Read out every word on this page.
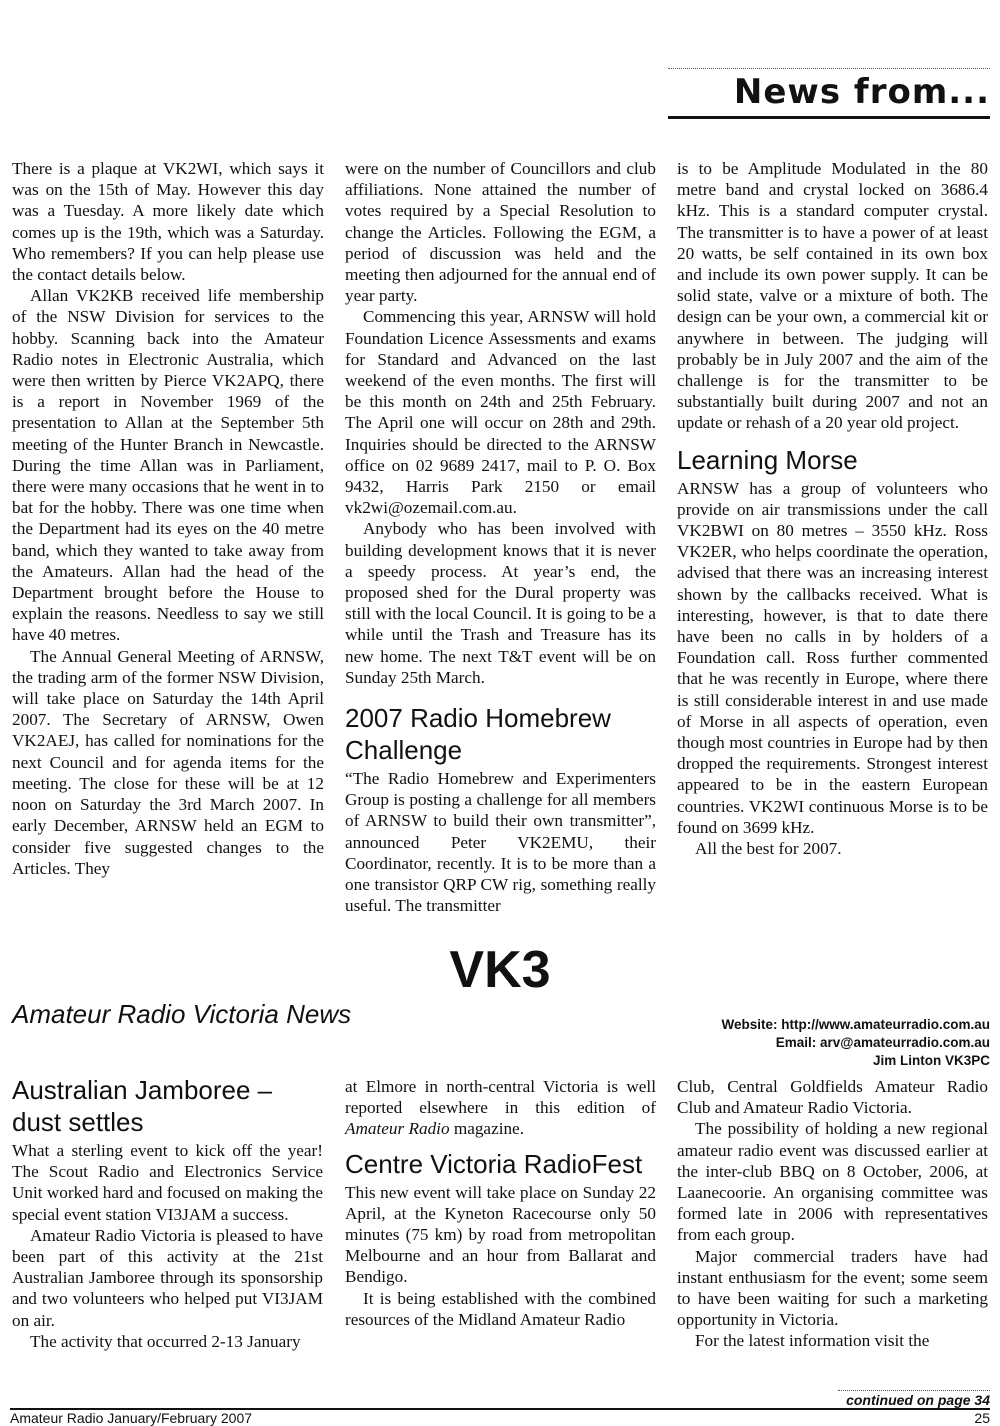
News from...

There is a plaque at VK2WI, which says it was on the 15th of May. However this day was a Tuesday. A more likely date which comes up is the 19th, which was a Saturday. Who remembers? If you can help please use the contact details below.

Allan VK2KB received life membership of the NSW Division for services to the hobby. Scanning back into the Amateur Radio notes in Electronic Australia, which were then written by Pierce VK2APQ, there is a report in November 1969 of the presentation to Allan at the September 5th meeting of the Hunter Branch in Newcastle. During the time Allan was in Parliament, there were many occasions that he went in to bat for the hobby. There was one time when the Department had its eyes on the 40 metre band, which they wanted to take away from the Amateurs. Allan had the head of the Department brought before the House to explain the reasons. Needless to say we still have 40 metres.

The Annual General Meeting of ARNSW, the trading arm of the former NSW Division, will take place on Saturday the 14th April 2007. The Secretary of ARNSW, Owen VK2AEJ, has called for nominations for the next Council and for agenda items for the meeting. The close for these will be at 12 noon on Saturday the 3rd March 2007. In early December, ARNSW held an EGM to consider five suggested changes to the Articles. They

were on the number of Councillors and club affiliations. None attained the number of votes required by a Special Resolution to change the Articles. Following the EGM, a period of discussion was held and the meeting then adjourned for the annual end of year party.

Commencing this year, ARNSW will hold Foundation Licence Assessments and exams for Standard and Advanced on the last weekend of the even months. The first will be this month on 24th and 25th February. The April one will occur on 28th and 29th. Inquiries should be directed to the ARNSW office on 02 9689 2417, mail to P. O. Box 9432, Harris Park 2150 or email vk2wi@ozemail.com.au.

Anybody who has been involved with building development knows that it is never a speedy process. At year’s end, the proposed shed for the Dural property was still with the local Council. It is going to be a while until the Trash and Treasure has its new home. The next T&T event will be on Sunday 25th March.

2007 Radio Homebrew Challenge

“The Radio Homebrew and Experimenters Group is posting a challenge for all members of ARNSW to build their own transmitter”, announced Peter VK2EMU, their Coordinator, recently. It is to be more than a one transistor QRP CW rig, something really useful. The transmitter

is to be Amplitude Modulated in the 80 metre band and crystal locked on 3686.4 kHz. This is a standard computer crystal. The transmitter is to have a power of at least 20 watts, be self contained in its own box and include its own power supply. It can be solid state, valve or a mixture of both. The design can be your own, a commercial kit or anywhere in between. The judging will probably be in July 2007 and the aim of the challenge is for the transmitter to be substantially built during 2007 and not an update or rehash of a 20 year old project.

Learning Morse

ARNSW has a group of volunteers who provide on air transmissions under the call VK2BWI on 80 metres – 3550 kHz. Ross VK2ER, who helps coordinate the operation, advised that there was an increasing interest shown by the callbacks received. What is interesting, however, is that to date there have been no calls in by holders of a Foundation call. Ross further commented that he was recently in Europe, where there is still considerable interest in and use made of Morse in all aspects of operation, even though most countries in Europe had by then dropped the requirements. Strongest interest appeared to be in the eastern European countries. VK2WI continuous Morse is to be found on 3699 kHz.

All the best for 2007.

VK3
Amateur Radio Victoria News	Website: http://www.amateurradio.com.au
Email: arv@amateurradio.com.au
Jim Linton VK3PC
Australian Jamboree – dust settles

What a sterling event to kick off the year! The Scout Radio and Electronics Service Unit worked hard and focused on making the special event station VI3JAM a success.

Amateur Radio Victoria is pleased to have been part of this activity at the 21st Australian Jamboree through its sponsorship and two volunteers who helped put VI3JAM on air.

The activity that occurred 2-13 January

at Elmore in north-central Victoria is well reported elsewhere in this edition of Amateur Radio magazine.

Centre Victoria RadioFest

This new event will take place on Sunday 22 April, at the Kyneton Racecourse only 50 minutes (75 km) by road from metropolitan Melbourne and an hour from Ballarat and Bendigo.

It is being established with the combined resources of the Midland Amateur Radio

Club, Central Goldfields Amateur Radio Club and Amateur Radio Victoria.

The possibility of holding a new regional amateur radio event was discussed earlier at the inter-club BBQ on 8 October, 2006, at Laanecoorie. An organising committee was formed late in 2006 with representatives from each group.

Major commercial traders have had instant enthusiasm for the event; some seem to have been waiting for such a marketing opportunity in Victoria.

For the latest information visit the

continued on page 34
Amateur Radio January/February 2007	25
